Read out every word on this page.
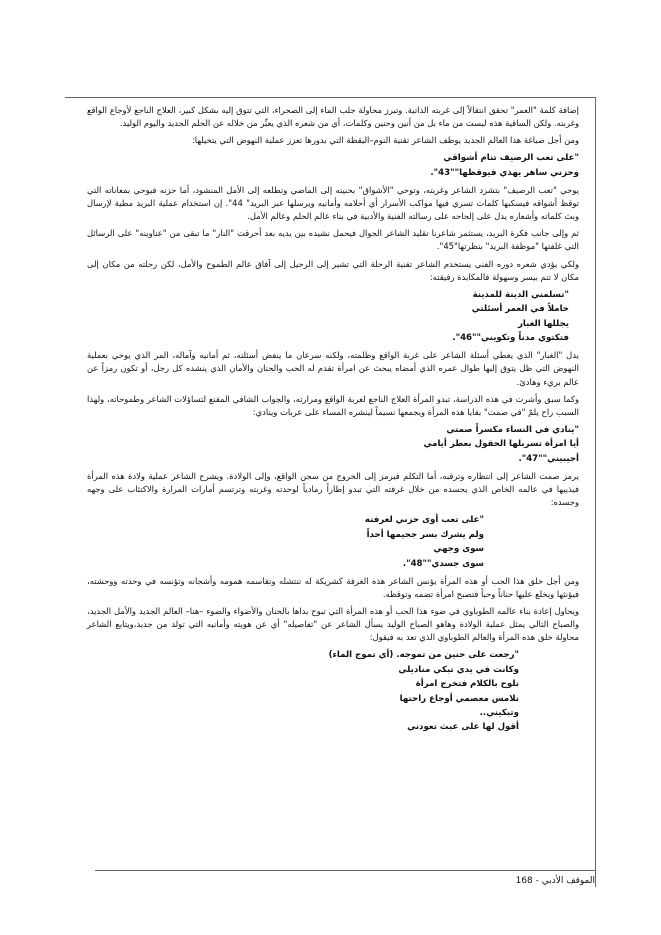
إضافة كلمة "العمر" تحقق انتقالاً إلى غربته الذاتية. وتبرز محاولة جلب الماء إلى الصحراء، التي تتوق إليه بشكل كبير، العلاج الناجع لأوجاع الواقع وغربته. ولكن الساقية هذه ليست من ماء بل من أنين وحنين وكلمات، أي من شعره الذي يعبِّر من خلاله عن الحلم الجديد واليوم الوليد.

ومن أجل صياغة هذا العالم الجديد يوظف الشاعر تقنية النوم–اليقظة التي بدورها تعزز عملية النهوض التي يتخيلها:

"على تعب الرصيف تنام أشواقي
وحزني ساهر يهذي فيوقظها""43".

يوحي "تعب الرصيف" بتشرد الشاعر وغربته، وتوحي "الأشواق" بحنينه إلى الماضي وتطلعه إلى الأمل المنشود، أما حزنه فيوحي بمعاناته التي توقظ أشواقه فيسكبها كلمات تسري فيها مواكب الأسرار أي أحلامه وأمانيه ويرسلها عبر البريد" 44". إن استخدام عملية البريد مطية لإرسال وبث كلماته وأشعاره يدل على إلحاحه على رسالته الفنية والأدبية في بناء عالم الحلم وعالم الأمل.

ثم وإلى جانب فكرة البريد، يستثمر شاعرنا تقليد الشاعر الجوال فيحمل نشيده بين يديه بعد أحرقت "النار" ما تبقى من "عناوينه" على الرسائل التي غلفتها "موظفة البريد" بنظرتها"45".

ولكي يؤدي شعره دوره الفني يستخدم الشاعر تقنية الرحلة التي تشير إلى الرحيل إلى آفاق عالم الطموح والأمل، لكن رحلته من مكان إلى مكان لا تتم بيسر وسهولة فالمكابدة رفيقته:

"تسلمني الدينة للمدينة
حاملاً في العمر أسئلتي
يجللها الغبار
فتكتوي مدناً وتكويني""46".

يدل "الغبار" الذي يغطي أسئلة الشاعر على غربة الواقع وظلمته، ولكنه سرعان ما ينفض أسئلته، ثم أمانيه وآماله، المر الذي يوحي بعملية النهوض التي ظل يتوق إليها طوال عمره الذي أمضاه يبحث عن امرأة تقدم له الحب والحنان والأمان الذي ينشده كل رجل، أو تكون رمزاً عن عالم بريء وهادئ.

وكما سبق وأشرت في هذه الدراسة، تبدو المرأة العلاج الناجع لغربة الواقع ومرارته، والجواب الشافي المقنع لتساؤلات الشاعر وطموحاته، ولهذا السبب راح يلمّ "في صمت" بقايا هذه المرأة ويجمعها نسيماً لينشره المساء على عربات وينادي:

"ينادي في النساء مكسراً صمتي
أيا امرأة تسربلها الحقول بعطر أيامي
أجيبيني""47".

يرمز صمت الشاعر إلى انتظاره وترقبه، أما التكلم فيرمز إلى الخروج من سجن الواقع، وإلى الولادة. ويشرح الشاعر عملية ولادة هذه المرأة فيذيبها في عالمه الخاص الذي يجسده من خلال غرفته التي تبدو إطاراً رمادياً لوحدته وغربته وترتسم أمارات المرارة والاكتئاب على وجهه وجسده:

"على تعب أوى حزني لغرفته
ولم يشرك بسر جحيمها أحداً
سوى وجهي
سوى جسدي""48".

ومن أجل خلق هذا الحب أو هذه المرأة يؤنس الشاعر هذه الغرفة كشريكة له تنتشله وتقاسمه همومه وأشجانه وتؤنسه في وحدته ووحشته، فيؤنثها ويخلع عليها حناناً وحباً فتصبح امرأة تضمه وتوقظه.

ويحاول إعادة بناء عالمه الطوباوي في ضوء هذا الحب أو هذه المرأة التي تبوح بداها بالحنان والأضواء والضوء –هنا– العالم الجديد والأمل الجديد، والصباح التالي يمثل عملية الولادة وهاهو الصباح الوليد يسأل الشاعر عن "تفاصيله" أي عن هويته وأمانيه التي تولد من جديد،ويتابع الشاعر محاولة خلق هذه المرأة والعالم الطوباوي الذي تعد به فيقول:

"رجعت على حنين من تموجه. (أي تموج الماء)
وكانت في يدي تبكي مناديلي
تلوح بالكلام فتخرج امرأة
تلامس معصمي أوجاع راحتها
وتبكيني..
أقول لها على عبث تعودني
الموقف الأدبي - 168
